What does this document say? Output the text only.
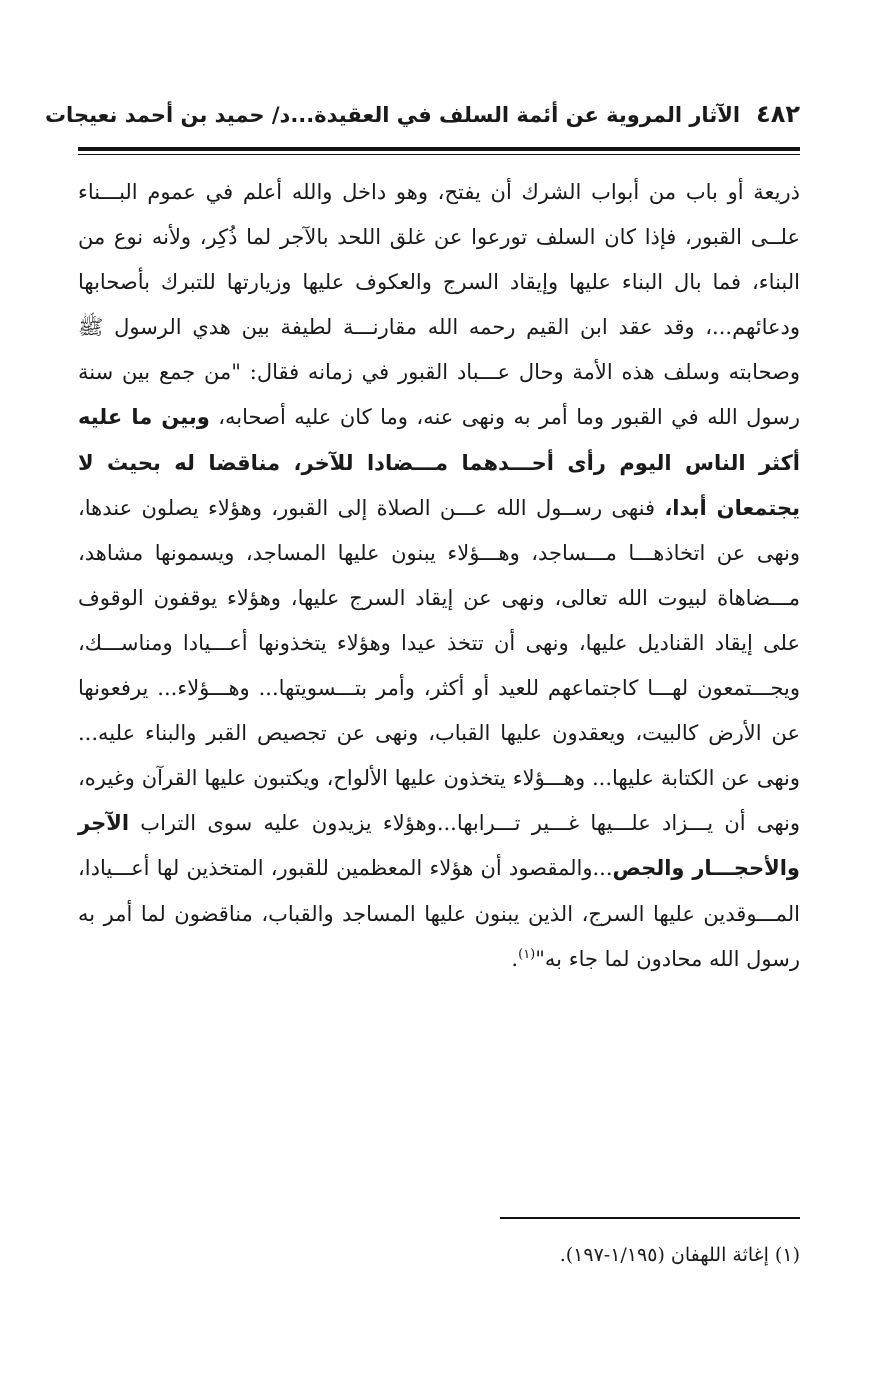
٤٨٢
الآثار المروية عن أئمة السلف في العقيدة...د/ حميد بن أحمد نعيجات

ذريعة أو باب من أبواب الشرك أن يفتح، وهو داخل والله أعلم في عموم البـــناء علــى القبور، فإذا كان السلف تورعوا عن غلق اللحد بالآجر لما ذُكِر، ولأنه نوع من البناء، فما بال البناء عليها وإيقاد السرج والعكوف عليها وزيارتها للتبرك بأصحابها ودعائهم...، وقد عقد ابن القيم رحمه الله مقارنـــة لطيفة بين هدي الرسول ﷺ وصحابته وسلف هذه الأمة وحال عـــباد القبور في زمانه فقال: "من جمع بين سنة رسول الله في القبور وما أمر به ونهى عنه، وما كان عليه أصحابه، وبين ما عليه أكثر الناس اليوم رأى أحـــدهما مـــضادا للآخر، مناقضا له بحيث لا يجتمعان أبدا، فنهى رســول الله عـــن الصلاة إلى القبور، وهؤلاء يصلون عندها، ونهى عن اتخاذهـــا مـــساجد، وهـــؤلاء يبنون عليها المساجد، ويسمونها مشاهد، مـــضاهاة لبيوت الله تعالى، ونهى عن إيقاد السرج عليها، وهؤلاء يوقفون الوقوف على إيقاد القناديل عليها، ونهى أن تتخذ عيدا وهؤلاء يتخذونها أعـــيادا ومناســـك، ويجـــتمعون لهـــا كاجتماعهم للعيد أو أكثر، وأمر بتـــسويتها... وهـــؤلاء... يرفعونها عن الأرض كالبيت، ويعقدون عليها القباب، ونهى عن تجصيص القبر والبناء عليه... ونهى عن الكتابة عليها... وهـــؤلاء يتخذون عليها الألواح، ويكتبون عليها القرآن وغيره، ونهى أن يـــزاد علـــيها غـــير تـــرابها...وهؤلاء يزيدون عليه سوى التراب الآجر والأحجـــار والجص...والمقصود أن هؤلاء المعظمين للقبور، المتخذين لها أعـــيادا، المـــوقدين عليها السرج، الذين يبنون عليها المساجد والقباب، مناقضون لما أمر به رسول الله محادون لما جاء به"$^{(١)}$.

(١) إغاثة اللهفان (١/١٩٥-١٩٧).
